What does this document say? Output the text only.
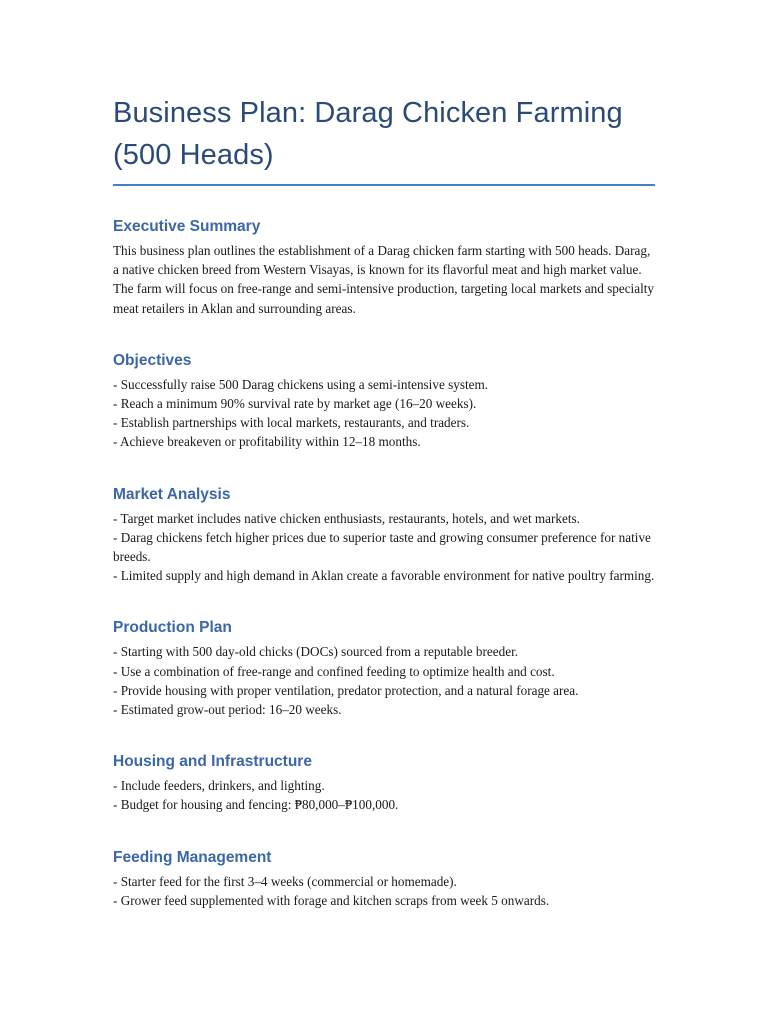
Business Plan: Darag Chicken Farming (500 Heads)
Executive Summary

This business plan outlines the establishment of a Darag chicken farm starting with 500 heads. Darag, a native chicken breed from Western Visayas, is known for its flavorful meat and high market value. The farm will focus on free-range and semi-intensive production, targeting local markets and specialty meat retailers in Aklan and surrounding areas.

Objectives

- Successfully raise 500 Darag chickens using a semi-intensive system.

- Reach a minimum 90% survival rate by market age (16–20 weeks).

- Establish partnerships with local markets, restaurants, and traders.

- Achieve breakeven or profitability within 12–18 months.

Market Analysis

- Target market includes native chicken enthusiasts, restaurants, hotels, and wet markets.

- Darag chickens fetch higher prices due to superior taste and growing consumer preference for native breeds.

- Limited supply and high demand in Aklan create a favorable environment for native poultry farming.

Production Plan

- Starting with 500 day-old chicks (DOCs) sourced from a reputable breeder.

- Use a combination of free-range and confined feeding to optimize health and cost.

- Provide housing with proper ventilation, predator protection, and a natural forage area.

- Estimated grow-out period: 16–20 weeks.

Housing and Infrastructure

- Include feeders, drinkers, and lighting.

- Budget for housing and fencing: ₱80,000–₱100,000.

Feeding Management

- Starter feed for the first 3–4 weeks (commercial or homemade).

- Grower feed supplemented with forage and kitchen scraps from week 5 onwards.
